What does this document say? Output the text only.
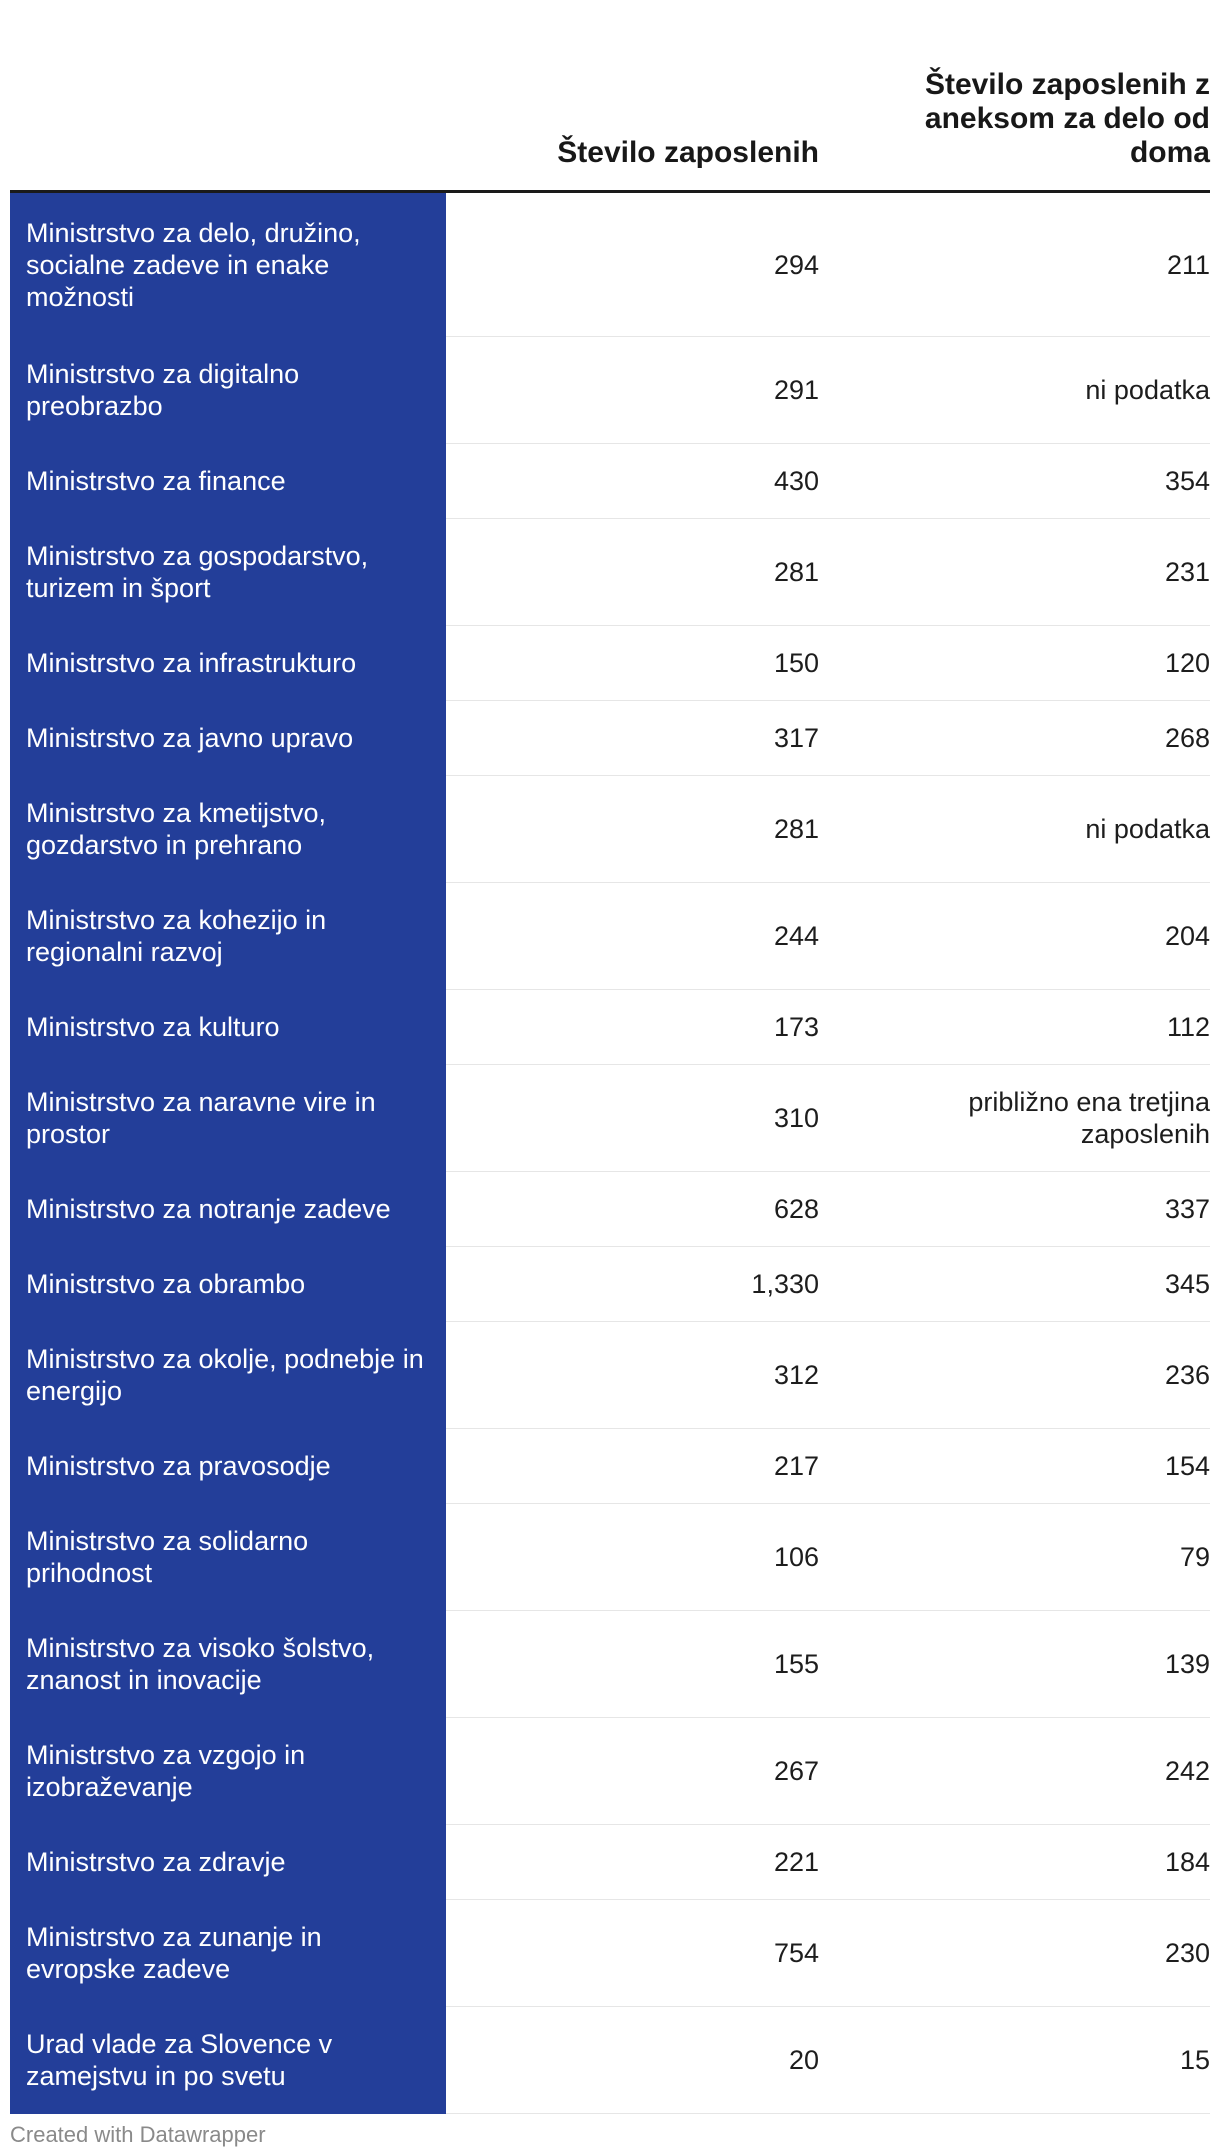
	Število zaposlenih	Število zaposlenih z aneksom za delo od doma
Ministrstvo za delo, družino, socialne zadeve in enake možnosti	294	211
Ministrstvo za digitalno preobrazbo	291	ni podatka
Ministrstvo za finance	430	354
Ministrstvo za gospodarstvo, turizem in šport	281	231
Ministrstvo za infrastrukturo	150	120
Ministrstvo za javno upravo	317	268
Ministrstvo za kmetijstvo, gozdarstvo in prehrano	281	ni podatka
Ministrstvo za kohezijo in regionalni razvoj	244	204
Ministrstvo za kulturo	173	112
Ministrstvo za naravne vire in prostor	310	približno ena tretjina zaposlenih
Ministrstvo za notranje zadeve	628	337
Ministrstvo za obrambo	1,330	345
Ministrstvo za okolje, podnebje in energijo	312	236
Ministrstvo za pravosodje	217	154
Ministrstvo za solidarno prihodnost	106	79
Ministrstvo za visoko šolstvo, znanost in inovacije	155	139
Ministrstvo za vzgojo in izobraževanje	267	242
Ministrstvo za zdravje	221	184
Ministrstvo za zunanje in evropske zadeve	754	230
Urad vlade za Slovence v zamejstvu in po svetu	20	15
Created with Datawrapper
